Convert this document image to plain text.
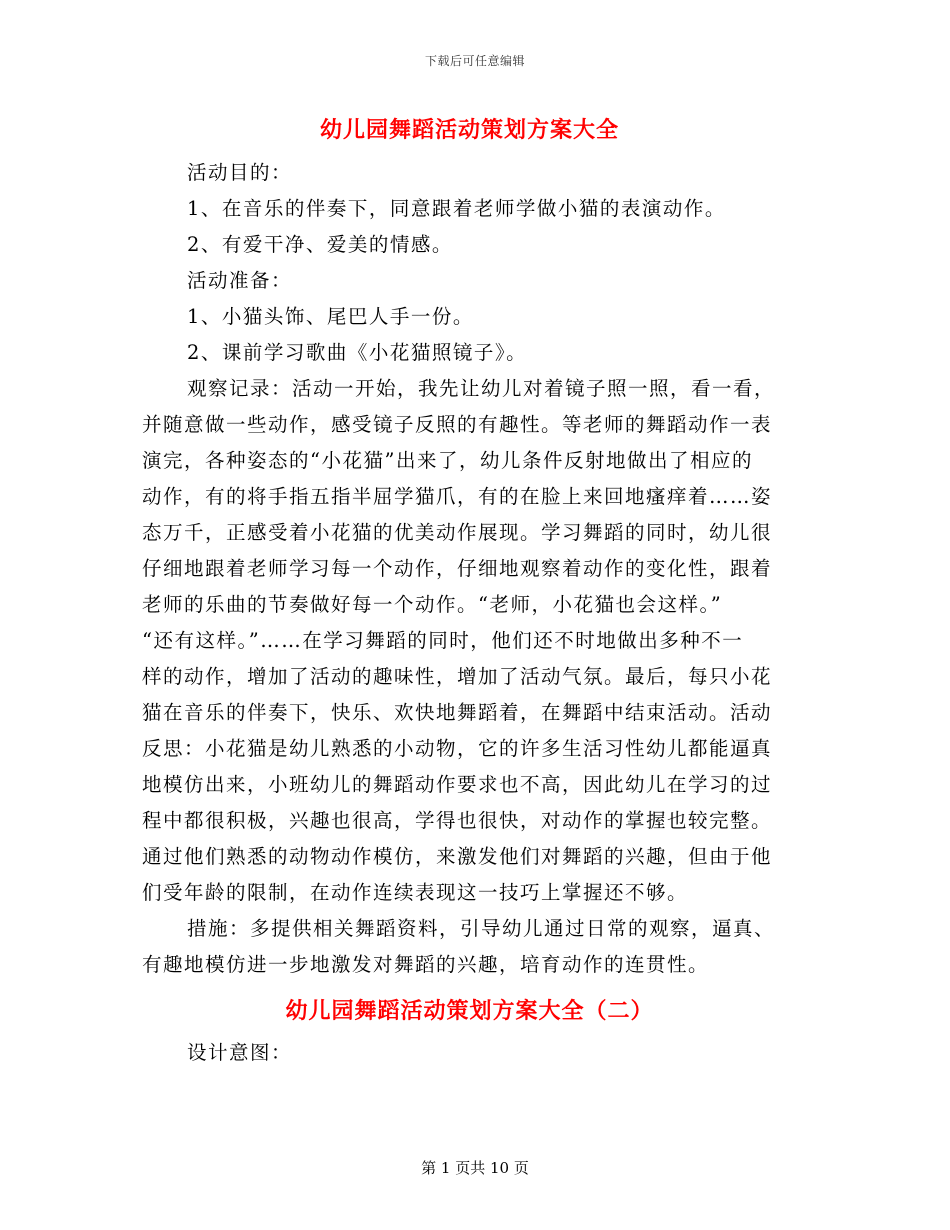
下载后可任意编辑
幼儿园舞蹈活动策划方案大全

活动目的：

1、在音乐的伴奏下，同意跟着老师学做小猫的表演动作。

2、有爱干净、爱美的情感。

活动准备：

1、小猫头饰、尾巴人手一份。

2、课前学习歌曲《小花猫照镜子》。

观察记录：活动一开始，我先让幼儿对着镜子照一照，看一看，

并随意做一些动作，感受镜子反照的有趣性。等老师的舞蹈动作一表

演完，各种姿态的“小花猫”出来了，幼儿条件反射地做出了相应的

动作，有的将手指五指半屈学猫爪，有的在脸上来回地瘙痒着……姿

态万千，正感受着小花猫的优美动作展现。学习舞蹈的同时，幼儿很

仔细地跟着老师学习每一个动作，仔细地观察着动作的变化性，跟着

老师的乐曲的节奏做好每一个动作。“老师，小花猫也会这样。”

“还有这样。”……在学习舞蹈的同时，他们还不时地做出多种不一

样的动作，增加了活动的趣味性，增加了活动气氛。最后，每只小花

猫在音乐的伴奏下，快乐、欢快地舞蹈着，在舞蹈中结束活动。活动

反思：小花猫是幼儿熟悉的小动物，它的许多生活习性幼儿都能逼真

地模仿出来，小班幼儿的舞蹈动作要求也不高，因此幼儿在学习的过

程中都很积极，兴趣也很高，学得也很快，对动作的掌握也较完整。

通过他们熟悉的动物动作模仿，来激发他们对舞蹈的兴趣，但由于他

们受年龄的限制，在动作连续表现这一技巧上掌握还不够。

措施：多提供相关舞蹈资料，引导幼儿通过日常的观察，逼真、

有趣地模仿进一步地激发对舞蹈的兴趣，培育动作的连贯性。

幼儿园舞蹈活动策划方案大全（二）

设计意图：

第 1 页共 10 页
